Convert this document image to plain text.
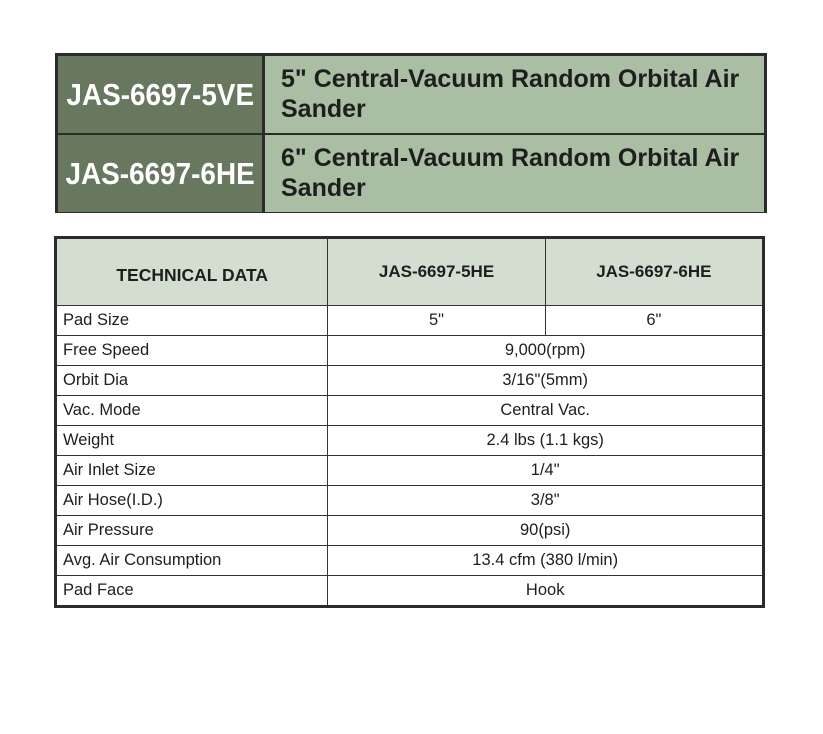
JAS-6697-5VE 5" Central-Vacuum Random Orbital Air
Sander
JAS-6697-6HE 6" Central-Vacuum Random Orbital Air
Sander
TECHNICAL DATA	JAS-6697-5HE	JAS-6697-6HE
Pad Size	5"	6"
Free Speed	9,000(rpm)	
Orbit Dia	3/16"(5mm)	
Vac. Mode	Central Vac.	
Weight	2.4 lbs (1.1 kgs)	
Air Inlet Size	1/4"	
Air Hose(I.D.)	3/8"	
Air Pressure	90(psi)	
Avg. Air Consumption	13.4 cfm (380 l/min)	
Pad Face	Hook	
